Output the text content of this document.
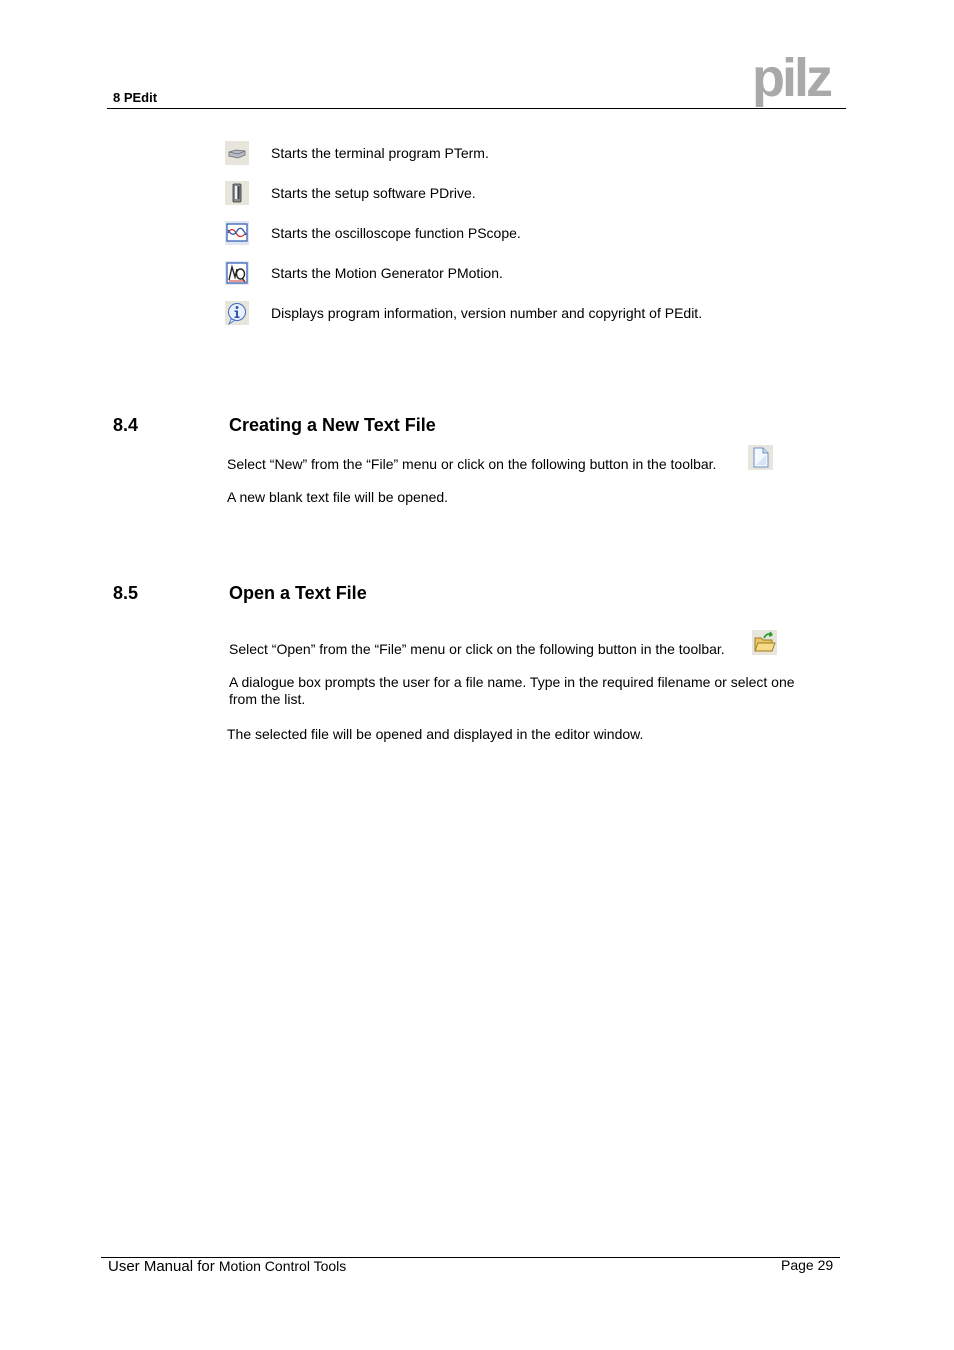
8 PEdit	pilz
Starts the terminal program PTerm.
Starts the setup software PDrive.
Starts the oscilloscope function PScope.
Starts the Motion Generator PMotion.
Displays program information, version number and copyright of PEdit.
8.4	Creating a New Text File
Select “New” from the “File” menu or click on the following button in the toolbar.
A new blank text file will be opened.
8.5	Open a Text File
Select “Open” from the “File” menu or click on the following button in the toolbar.
A dialogue box prompts the user for a file name. Type in the required filename or select one
from the list.
The selected file will be opened and displayed in the editor window.
User Manual for Motion Control Tools	Page 29
